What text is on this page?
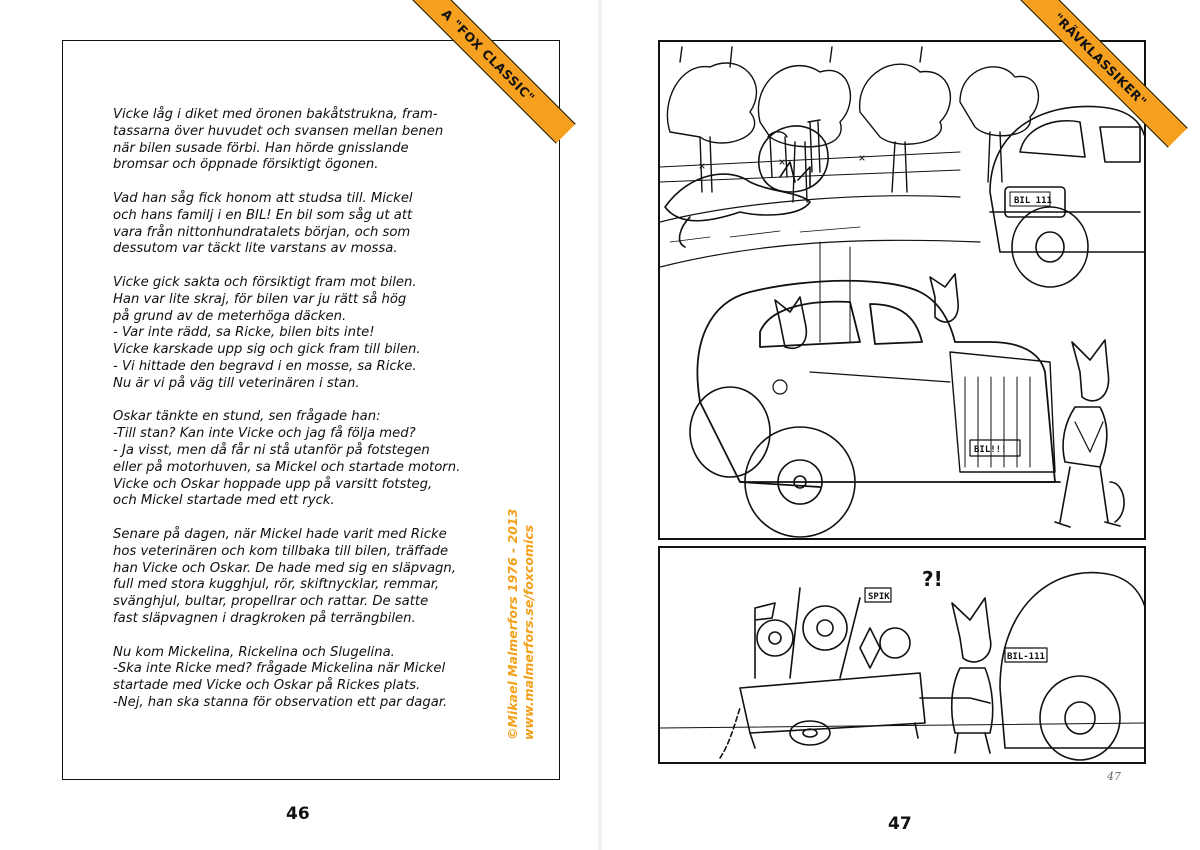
Vicke låg i diket med öronen bakåtstrukna, fram-
tassarna över huvudet och svansen mellan benen
när bilen susade förbi. Han hörde gnisslande
bromsar och öppnade försiktigt ögonen.
Vad han såg fick honom att studsa till. Mickel
och hans familj i en BIL! En bil som såg ut att
vara från nittonhundratalets början, och som
dessutom var täckt lite varstans av mossa.
Vicke gick sakta och försiktigt fram mot bilen.
Han var lite skraj, för bilen var ju rätt så hög
på grund av de meterhöga däcken.
- Var inte rädd, sa Ricke, bilen bits inte!
Vicke karskade upp sig och gick fram till bilen.
- Vi hittade den begravd i en mosse, sa Ricke.
Nu är vi på väg till veterinären i stan.
Oskar tänkte en stund, sen frågade han:
-Till stan? Kan inte Vicke och jag få följa med?
- Ja visst, men då får ni stå utanför på fotstegen
eller på motorhuven, sa Mickel och startade motorn.
Vicke och Oskar hoppade upp på varsitt fotsteg,
och Mickel startade med ett ryck.
Senare på dagen, när Mickel hade varit med Ricke
hos veterinären och kom tillbaka till bilen, träffade
han Vicke och Oskar. De hade med sig en släpvagn,
full med stora kugghjul, rör, skiftnycklar, remmar,
svänghjul, bultar, propellrar och rattar. De satte
fast släpvagnen i dragkroken på terrängbilen.
Nu kom Mickelina, Rickelina och Slugelina.
-Ska inte Ricke med? frågade Mickelina när Mickel
startade med Vicke och Oskar på Rickes plats.
-Nej, han ska stanna för observation ett par dagar.
A "FOX CLASSIC"
©Mikael Malmerfors 1976 - 2013 www.malmerfors.se/foxcomics
46
BIL 111
BIL!!!
"RÄVKLASSIKER"
SPIK
?!
BIL-111
47
47
